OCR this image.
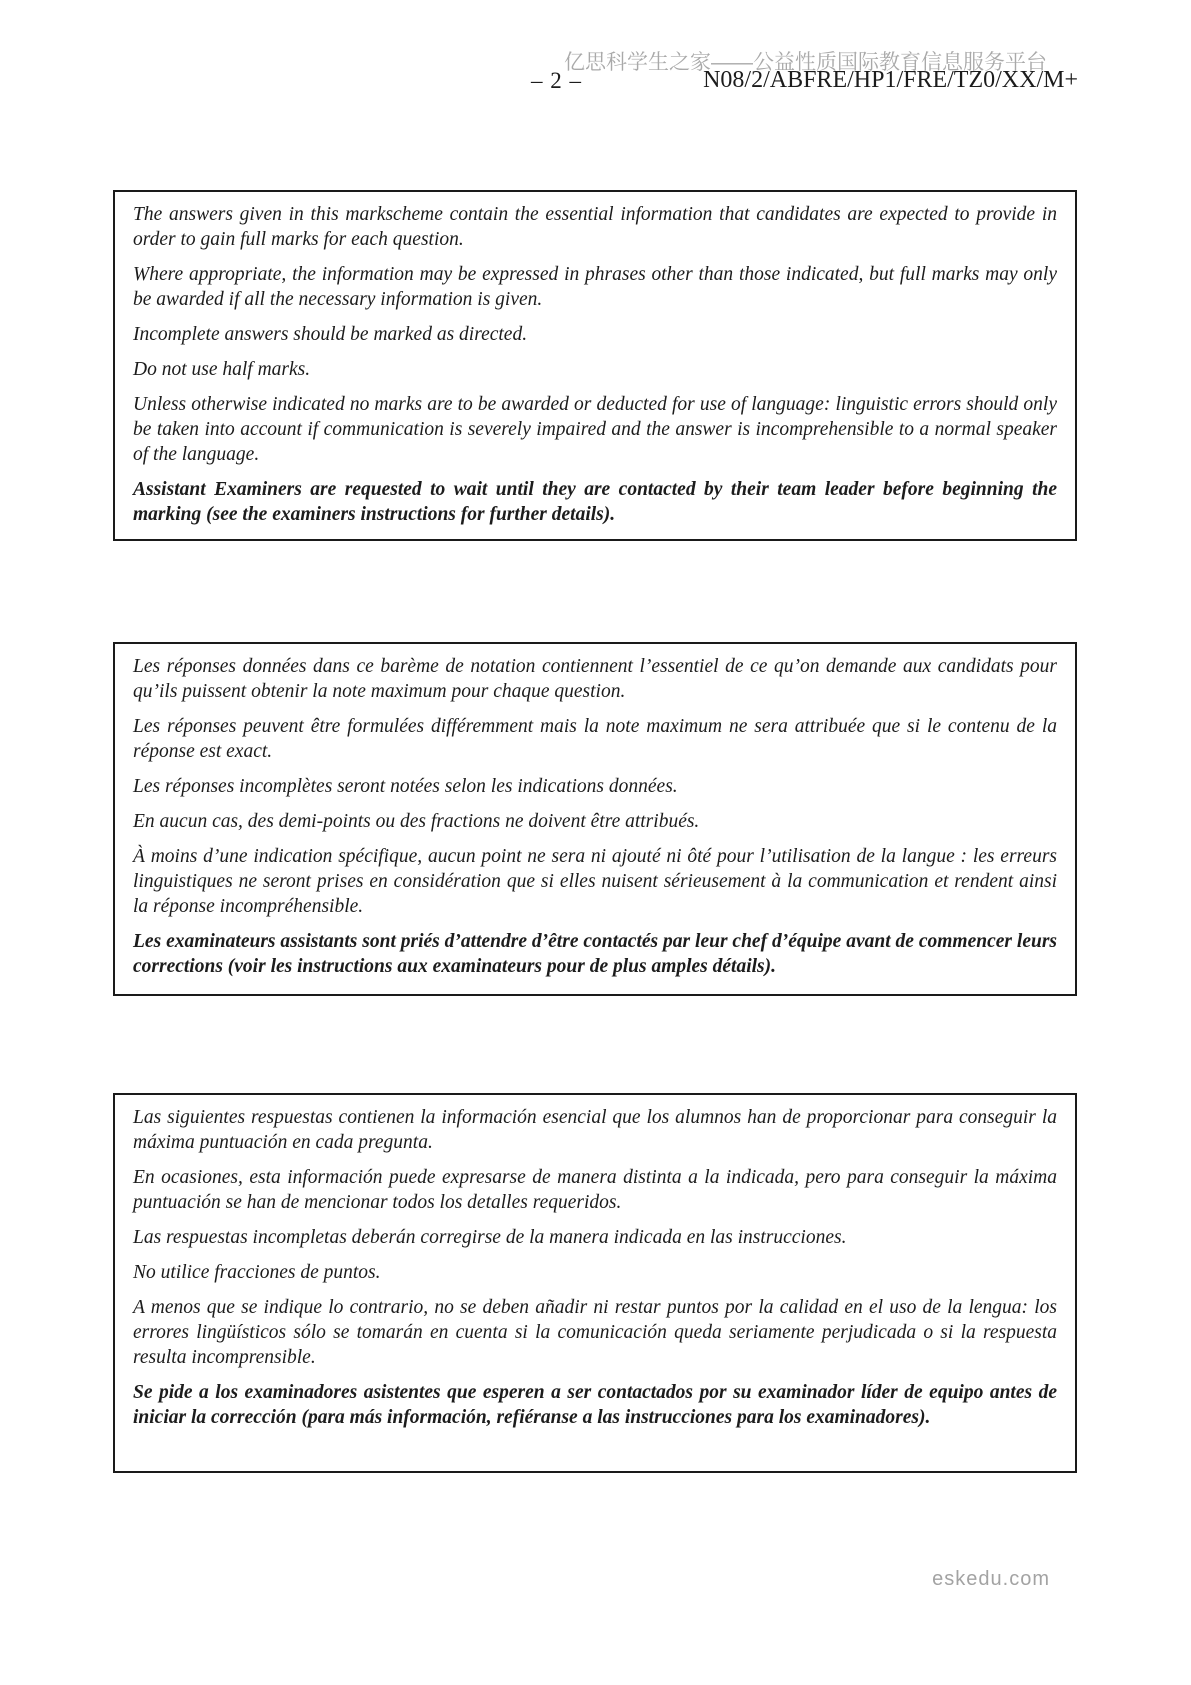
亿思科学生之家——公益性质国际教育信息服务平台
– 2 –	N08/2/ABFRE/HP1/FRE/TZ0/XX/M+

The answers given in this markscheme contain the essential information that candidates are expected to provide in order to gain full marks for each question.

Where appropriate, the information may be expressed in phrases other than those indicated, but full marks may only be awarded if all the necessary information is given.

Incomplete answers should be marked as directed.

Do not use half marks.

Unless otherwise indicated no marks are to be awarded or deducted for use of language: linguistic errors should only be taken into account if communication is severely impaired and the answer is incomprehensible to a normal speaker of the language.

Assistant Examiners are requested to wait until they are contacted by their team leader before beginning the marking (see the examiners instructions for further details).

Les réponses données dans ce barème de notation contiennent l’essentiel de ce qu’on demande aux candidats pour qu’ils puissent obtenir la note maximum pour chaque question.

Les réponses peuvent être formulées différemment mais la note maximum ne sera attribuée que si le contenu de la réponse est exact.

Les réponses incomplètes seront notées selon les indications données.

En aucun cas, des demi-points ou des fractions ne doivent être attribués.

À moins d’une indication spécifique, aucun point ne sera ni ajouté ni ôté pour l’utilisation de la langue : les erreurs linguistiques ne seront prises en considération que si elles nuisent sérieusement à la communication et rendent ainsi la réponse incompréhensible.

Les examinateurs assistants sont priés d’attendre d’être contactés par leur chef d’équipe avant de commencer leurs corrections (voir les instructions aux examinateurs pour de plus amples détails).

Las siguientes respuestas contienen la información esencial que los alumnos han de proporcionar para conseguir la máxima puntuación en cada pregunta.

En ocasiones, esta información puede expresarse de manera distinta a la indicada, pero para conseguir la máxima puntuación se han de mencionar todos los detalles requeridos.

Las respuestas incompletas deberán corregirse de la manera indicada en las instrucciones.

No utilice fracciones de puntos.

A menos que se indique lo contrario, no se deben añadir ni restar puntos por la calidad en el uso de la lengua: los errores lingüísticos sólo se tomarán en cuenta si la comunicación queda seriamente perjudicada o si la respuesta resulta incomprensible.

Se pide a los examinadores asistentes que esperen a ser contactados por su examinador líder de equipo antes de iniciar la corrección (para más información, refiéranse a las instrucciones para los examinadores).

eskedu.com
